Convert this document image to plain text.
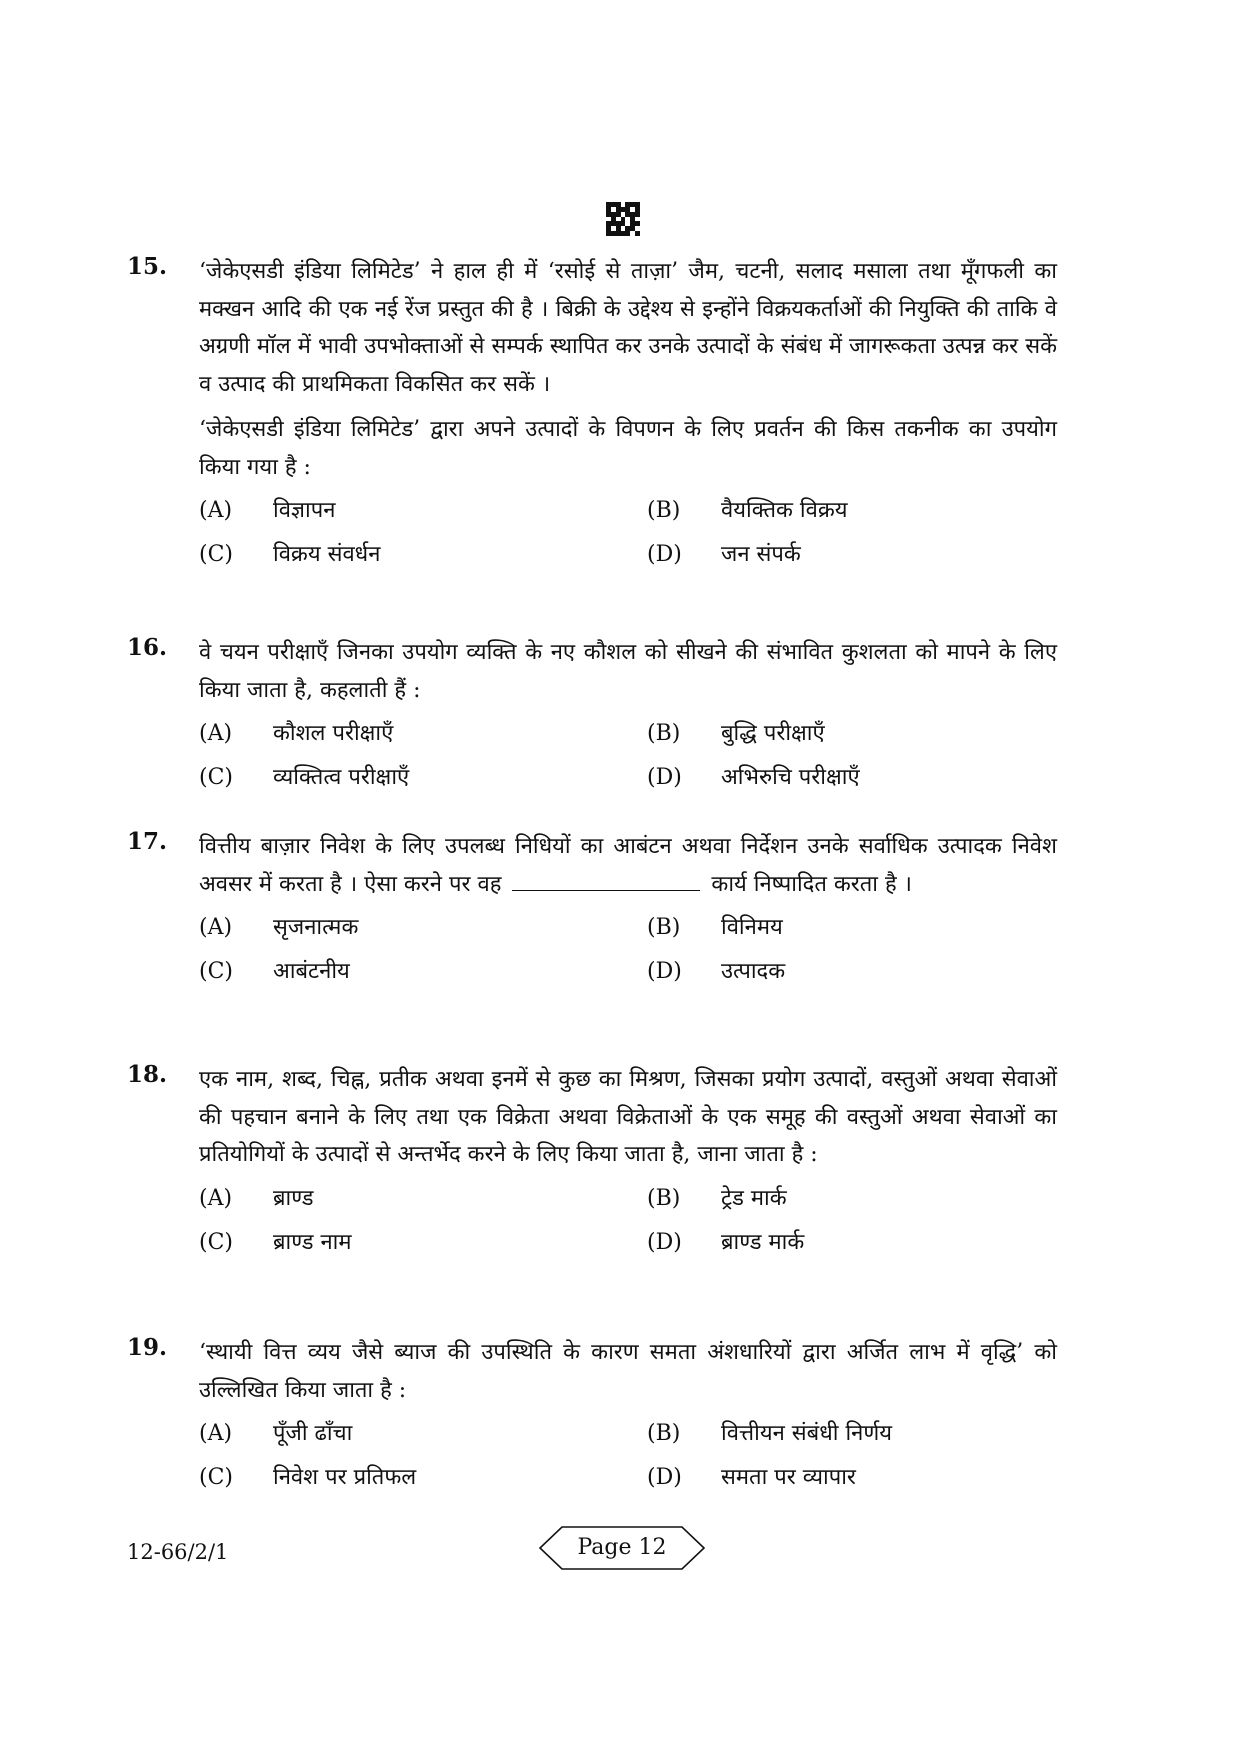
15. ‘जेकेएसडी इंडिया लिमिटेड’ ने हाल ही में ‘रसोई से ताज़ा’ जैम, चटनी, सलाद मसाला तथा मूँगफली का मक्खन आदि की एक नई रेंज प्रस्तुत की है । बिक्री के उद्देश्य से इन्होंने विक्रयकर्ताओं की नियुक्ति की ताकि वे अग्रणी मॉल में भावी उपभोक्ताओं से सम्पर्क स्थापित कर उनके उत्पादों के संबंध में जागरूकता उत्पन्न कर सकें व उत्पाद की प्राथमिकता विकसित कर सकें ।

‘जेकेएसडी इंडिया लिमिटेड’ द्वारा अपने उत्पादों के विपणन के लिए प्रवर्तन की किस तकनीक का उपयोग किया गया है :

(A)	विज्ञापन	(B)	वैयक्तिक विक्रय
(C)	विक्रय संवर्धन	(D)	जन संपर्क
16. वे चयन परीक्षाएँ जिनका उपयोग व्यक्ति के नए कौशल को सीखने की संभावित कुशलता को मापने के लिए किया जाता है, कहलाती हैं :

(A)	कौशल परीक्षाएँ	(B)	बुद्धि परीक्षाएँ
(C)	व्यक्तित्व परीक्षाएँ	(D)	अभिरुचि परीक्षाएँ
17. वित्तीय बाज़ार निवेश के लिए उपलब्ध निधियों का आबंटन अथवा निर्देशन उनके सर्वाधिक उत्पादक निवेश अवसर में करता है । ऐसा करने पर वह	कार्य निष्पादित करता है ।

(A)	सृजनात्मक	(B)	विनिमय
(C)	आबंटनीय	(D)	उत्पादक
18. एक नाम, शब्द, चिह्न, प्रतीक अथवा इनमें से कुछ का मिश्रण, जिसका प्रयोग उत्पादों, वस्तुओं अथवा सेवाओं की पहचान बनाने के लिए तथा एक विक्रेता अथवा विक्रेताओं के एक समूह की वस्तुओं अथवा सेवाओं का प्रतियोगियों के उत्पादों से अन्तर्भेद करने के लिए किया जाता है, जाना जाता है :

(A)	ब्राण्ड	(B)	ट्रेड मार्क
(C)	ब्राण्ड नाम	(D)	ब्राण्ड मार्क
19. ‘स्थायी वित्त व्यय जैसे ब्याज की उपस्थिति के कारण समता अंशधारियों द्वारा अर्जित लाभ में वृद्धि’ को उल्लिखित किया जाता है :

(A)	पूँजी ढाँचा	(B)	वित्तीयन संबंधी निर्णय
(C)	निवेश पर प्रतिफल	(D)	समता पर व्यापार
12-66/2/1	Page 12
